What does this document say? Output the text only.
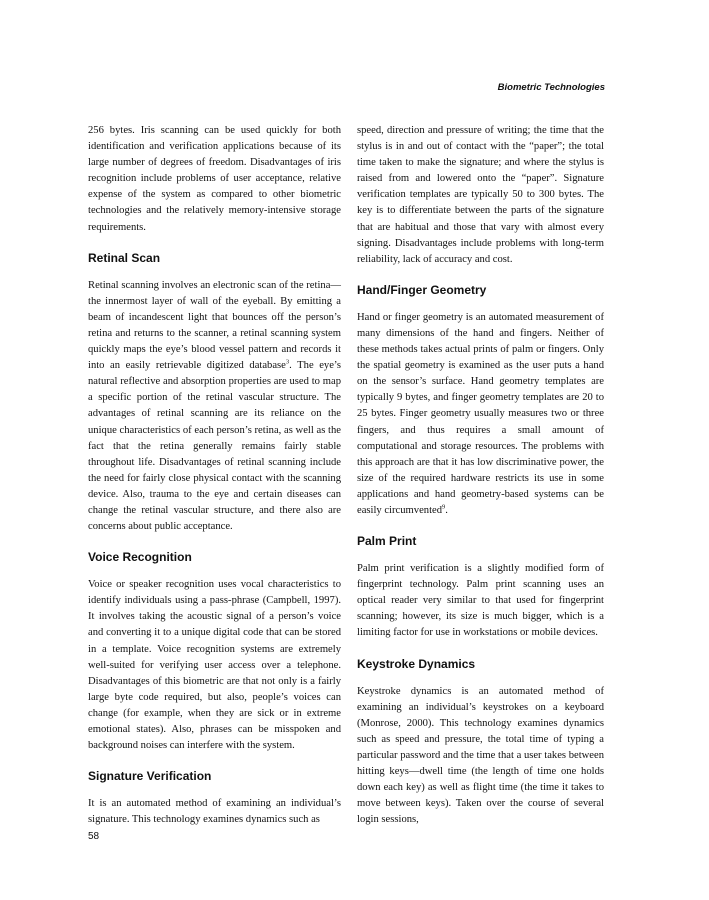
Biometric Technologies

256 bytes. Iris scanning can be used quickly for both identification and verification applications because of its large number of degrees of freedom. Disadvantages of iris recognition include problems of user acceptance, relative expense of the system as compared to other biometric technologies and the relatively memory-intensive storage requirements.

Retinal Scan

Retinal scanning involves an electronic scan of the retina—the innermost layer of wall of the eyeball. By emitting a beam of incandescent light that bounces off the person’s retina and returns to the scanner, a retinal scanning system quickly maps the eye’s blood vessel pattern and records it into an easily retrievable digitized database$^3$. The eye’s natural reflective and absorption properties are used to map a specific portion of the retinal vascular structure. The advantages of retinal scanning are its reliance on the unique characteristics of each person’s retina, as well as the fact that the retina generally remains fairly stable throughout life. Disadvantages of retinal scanning include the need for fairly close physical contact with the scanning device. Also, trauma to the eye and certain diseases can change the retinal vascular structure, and there also are concerns about public acceptance.

Voice Recognition

Voice or speaker recognition uses vocal characteristics to identify individuals using a pass-phrase (Campbell, 1997). It involves taking the acoustic signal of a person’s voice and converting it to a unique digital code that can be stored in a template. Voice recognition systems are extremely well-suited for verifying user access over a telephone. Disadvantages of this biometric are that not only is a fairly large byte code required, but also, people’s voices can change (for example, when they are sick or in extreme emotional states). Also, phrases can be misspoken and background noises can interfere with the system.

Signature Verification

It is an automated method of examining an individual’s signature. This technology examines dynamics such as

speed, direction and pressure of writing; the time that the stylus is in and out of contact with the “paper”; the total time taken to make the signature; and where the stylus is raised from and lowered onto the “paper”. Signature verification templates are typically 50 to 300 bytes. The key is to differentiate between the parts of the signature that are habitual and those that vary with almost every signing. Disadvantages include problems with long-term reliability, lack of accuracy and cost.

Hand/Finger Geometry

Hand or finger geometry is an automated measurement of many dimensions of the hand and fingers. Neither of these methods takes actual prints of palm or fingers. Only the spatial geometry is examined as the user puts a hand on the sensor’s surface. Hand geometry templates are typically 9 bytes, and finger geometry templates are 20 to 25 bytes. Finger geometry usually measures two or three fingers, and thus requires a small amount of computational and storage resources. The problems with this approach are that it has low discriminative power, the size of the required hardware restricts its use in some applications and hand geometry-based systems can be easily circumvented$^9$.

Palm Print

Palm print verification is a slightly modified form of fingerprint technology. Palm print scanning uses an optical reader very similar to that used for fingerprint scanning; however, its size is much bigger, which is a limiting factor for use in workstations or mobile devices.

Keystroke Dynamics

Keystroke dynamics is an automated method of examining an individual’s keystrokes on a keyboard (Monrose, 2000). This technology examines dynamics such as speed and pressure, the total time of typing a particular password and the time that a user takes between hitting keys—dwell time (the length of time one holds down each key) as well as flight time (the time it takes to move between keys). Taken over the course of several login sessions,

58
